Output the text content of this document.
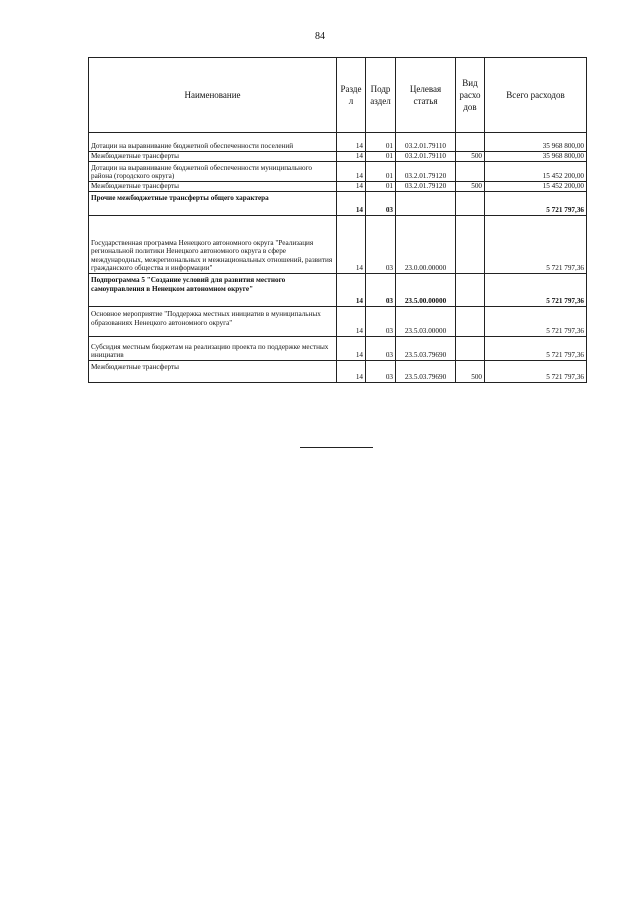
84
Наименование	Разде л	Подр аздел	Целевая статья	Вид расхо дов	Всего расходов
Дотации на выравнивание бюджетной обеспеченности поселений	14	01	03.2.01.79110		35 968 800,00
Межбюджетные трансферты	14	01	03.2.01.79110	500	35 968 800,00
Дотации на выравнивание бюджетной обеспеченности муниципального района (городского округа)	14	01	03.2.01.79120		15 452 200,00
Межбюджетные трансферты	14	01	03.2.01.79120	500	15 452 200,00
Прочие межбюджетные трансферты общего характера	14	03			5 721 797,36
Государственная программа Ненецкого автономного округа "Реализация региональной политики Ненецкого автономного округа в сфере международных, межрегиональных и межнациональных отношений, развития гражданского общества и информации"	14	03	23.0.00.00000		5 721 797,36
Подпрограмма 5 "Создание условий для развития местного самоуправления в Ненецком автономном округе"	14	03	23.5.00.00000		5 721 797,36
Основное мероприятие "Поддержка местных инициатив в муниципальных образованиях Ненецкого автономного округа"	14	03	23.5.03.00000		5 721 797,36
Субсидия местным бюджетам на реализацию проекта по поддержке местных инициатив	14	03	23.5.03.79690		5 721 797,36
Межбюджетные трансферты	14	03	23.5.03.79690	500	5 721 797,36
